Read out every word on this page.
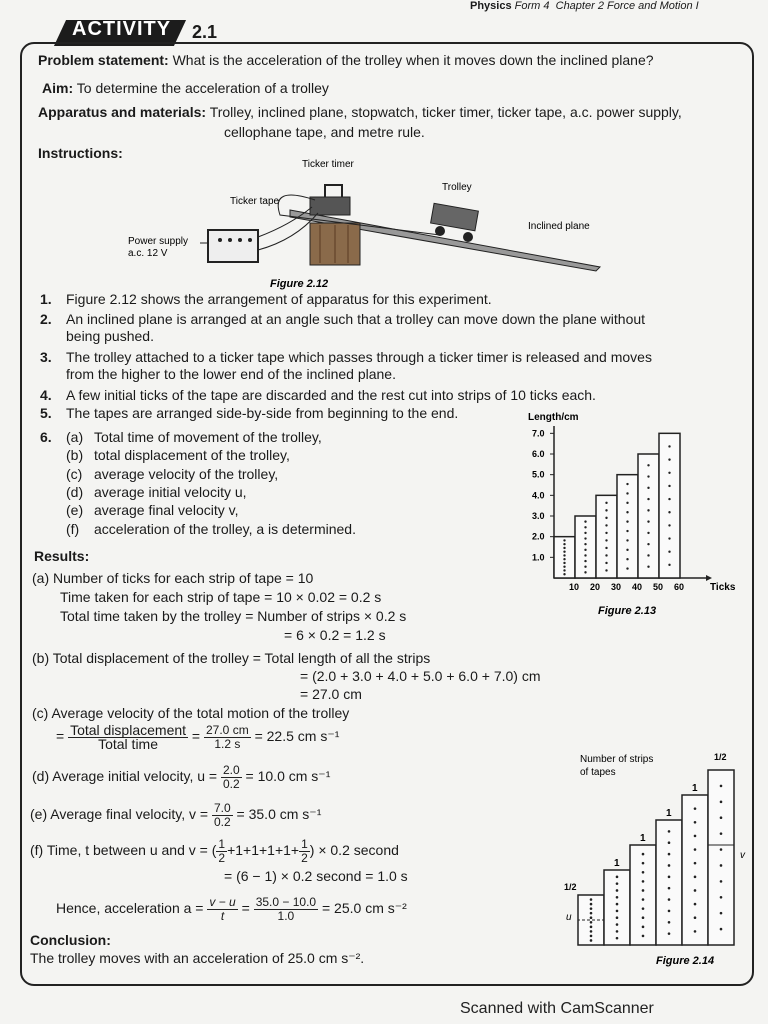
Physics Form 4 Chapter 2 Force and Motion I
ACTIVITY 2.1
Problem statement: What is the acceleration of the trolley when it moves down the inclined plane?
Aim: To determine the acceleration of a trolley
Apparatus and materials: Trolley, inclined plane, stopwatch, ticker timer, ticker tape, a.c. power supply,
cellophane tape, and metre rule.
Instructions:
Ticker timer
Ticker tape
Trolley
Inclined plane
Power supply
a.c. 12 V
Figure 2.12
1. Figure 2.12 shows the arrangement of apparatus for this experiment.
2. An inclined plane is arranged at an angle such that a trolley can move down the plane without
being pushed.
3. The trolley attached to a ticker tape which passes through a ticker timer is released and moves
from the higher to the lower end of the inclined plane.
4. A few initial ticks of the tape are discarded and the rest cut into strips of 10 ticks each.
5. The tapes are arranged side-by-side from beginning to the end.
6.	(a) Total time of movement of the trolley,
(b) total displacement of the trolley,
(c) average velocity of the trolley,
(d) average initial velocity u,
(e) average final velocity v,
(f) acceleration of the trolley, a is determined.
Length/cm
Ticks
Figure 2.13
1.0
2.0
3.0
4.0
5.0
6.0
7.0
10 20 30 40 50 60
Results:
(a) Number of ticks for each strip of tape = 10
Time taken for each strip of tape = 10 × 0.02 = 0.2 s
Total time taken by the trolley = Number of strips × 0.2 s
= 6 × 0.2 = 1.2 s
(b) Total displacement of the trolley = Total length of all the strips
= (2.0 + 3.0 + 4.0 + 5.0 + 6.0 + 7.0) cm
= 27.0 cm
(c) Average velocity of the total motion of the trolley
= $\frac{\text{Total displacement}}{\text{Total time}} = \frac{27.0 cm}{1.2 s} = 22.5$ cm s⁻¹
(d) Average initial velocity, $u = \frac{2.0}{0.2} = 10.0$ cm s⁻¹
(e) Average final velocity, $v = \frac{7.0}{0.2} = 35.0$ cm s⁻¹
(f) Time, t between u and v = ( $\frac{1}{2} +1+1+1+1+ \frac{1}{2}$ ) × 0.2 second
= (6 − 1) × 0.2 second = 1.0 s
Hence, acceleration $a = \frac{v - u}{t} = \frac{35.0 - 10.0}{1.0} = 25.0$ cm s⁻²
Conclusion:
The trolley moves with an acceleration of 25.0 cm s⁻².
Number of strips
of tapes
Figure 2.14
u
v
1
1
1
1
1/2
1/2
Scanned with CamScanner
